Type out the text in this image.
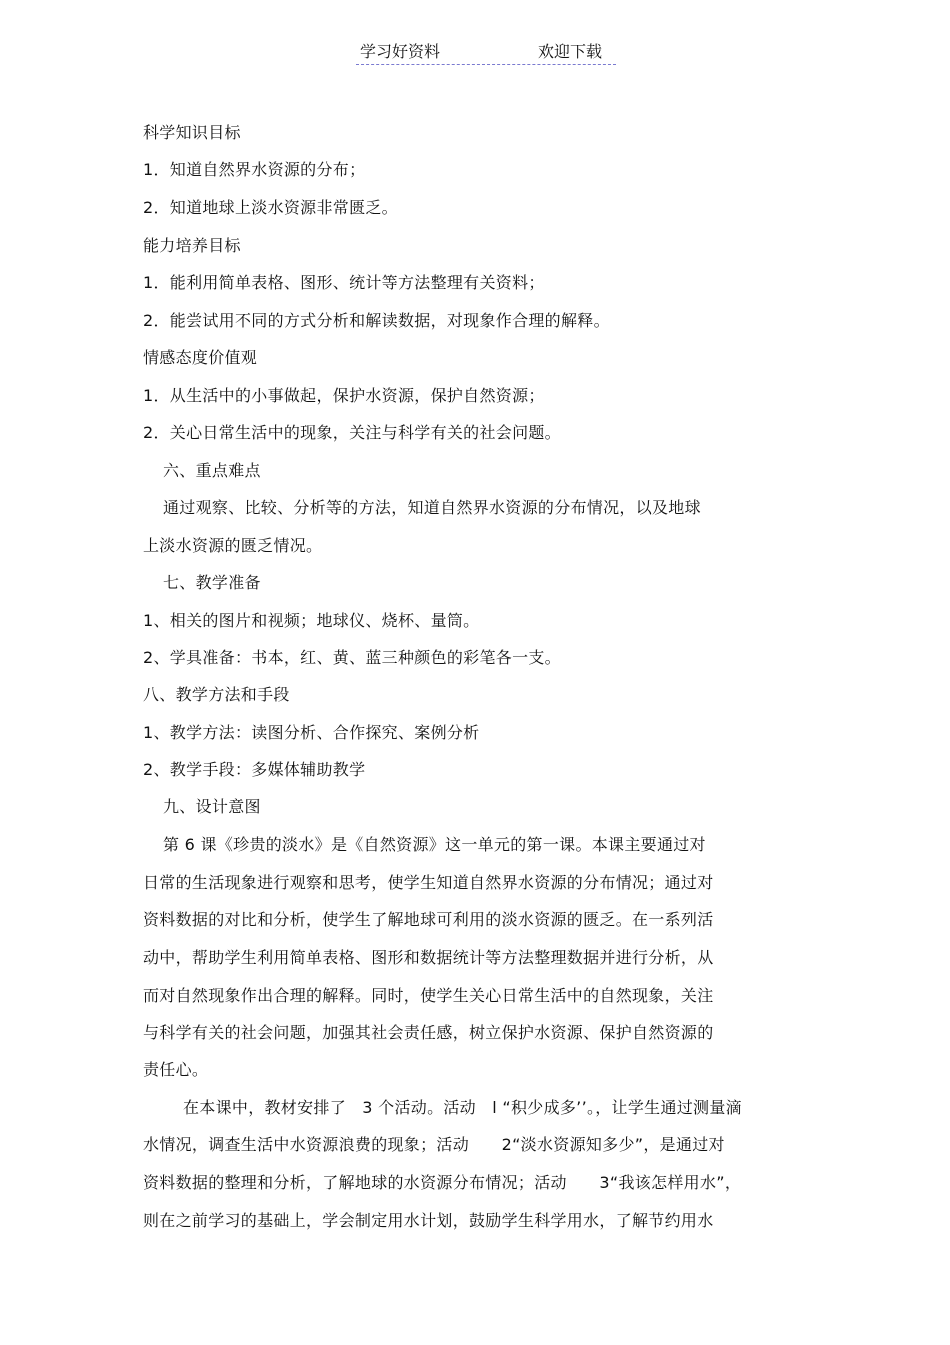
学习好资料	欢迎下载
科学知识目标
1．知道自然界水资源的分布；
2．知道地球上淡水资源非常匮乏。
能力培养目标
1．能利用简单表格、图形、统计等方法整理有关资料；
2．能尝试用不同的方式分析和解读数据，对现象作合理的解释。
情感态度价值观
1．从生活中的小事做起，保护水资源，保护自然资源；
2．关心日常生活中的现象，关注与科学有关的社会问题。
六、重点难点
通过观察、比较、分析等的方法，知道自然界水资源的分布情况，以及地球
上淡水资源的匮乏情况。
七、教学准备
1、相关的图片和视频；地球仪、烧杯、量筒。
2、学具准备：书本，红、黄、蓝三种颜色的彩笔各一支。
八、教学方法和手段
1、教学方法：读图分析、合作探究、案例分析
2、教学手段：多媒体辅助教学
九、设计意图
第 6 课《珍贵的淡水》是《自然资源》这一单元的第一课。本课主要通过对
日常的生活现象进行观察和思考，使学生知道自然界水资源的分布情况；通过对
资料数据的对比和分析，使学生了解地球可利用的淡水资源的匮乏。在一系列活
动中，帮助学生利用简单表格、图形和数据统计等方法整理数据并进行分析，从
而对自然现象作出合理的解释。同时，使学生关心日常生活中的自然现象，关注
与科学有关的社会问题，加强其社会责任感，树立保护水资源、保护自然资源的
责任心。
在本课中，教材安排了　3 个活动。活动　l “积少成多’’。，让学生通过测量滴
水情况，调查生活中水资源浪费的现象；活动　　2“淡水资源知多少”，是通过对
资料数据的整理和分析，了解地球的水资源分布情况；活动　　3“我该怎样用水”，
则在之前学习的基础上，学会制定用水计划，鼓励学生科学用水，了解节约用水
